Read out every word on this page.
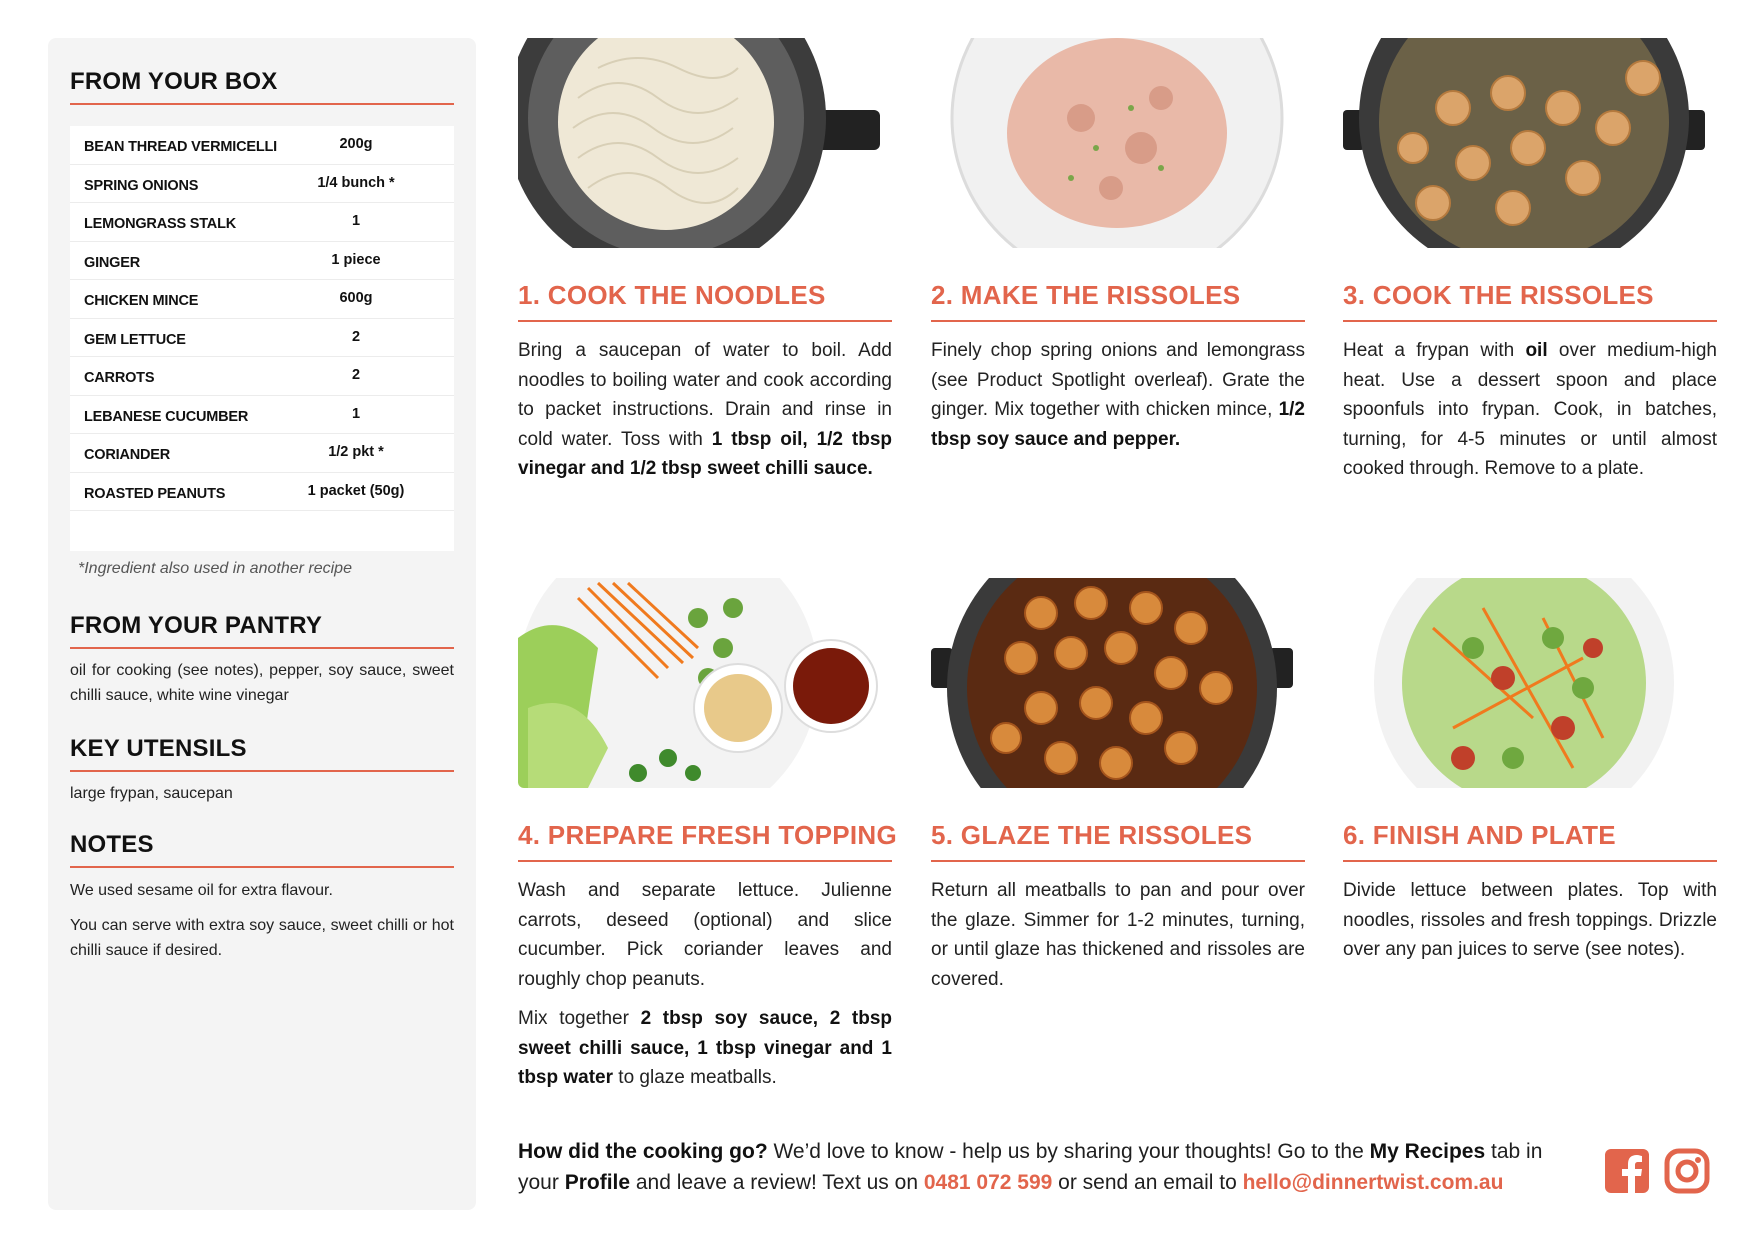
FROM YOUR BOX
BEAN THREAD VERMICELLI	200g
SPRING ONIONS	1/4 bunch *
LEMONGRASS STALK	1
GINGER	1 piece
CHICKEN MINCE	600g
GEM LETTUCE	2
CARROTS	2
LEBANESE CUCUMBER	1
CORIANDER	1/2 pkt *
ROASTED PEANUTS	1 packet (50g)
*Ingredient also used in another recipe
FROM YOUR PANTRY
oil for cooking (see notes), pepper, soy sauce, sweet chilli sauce, white wine vinegar
KEY UTENSILS
large frypan, saucepan
NOTES
We used sesame oil for extra flavour.
You can serve with extra soy sauce, sweet chilli or hot chilli sauce if desired.
1. COOK THE NOODLES

Bring a saucepan of water to boil. Add noodles to boiling water and cook according to packet instructions. Drain and rinse in cold water. Toss with 1 tbsp oil, 1/2 tbsp vinegar and 1/2 tbsp sweet chilli sauce.

2. MAKE THE RISSOLES

Finely chop spring onions and lemongrass (see Product Spotlight overleaf). Grate the ginger. Mix together with chicken mince, 1/2 tbsp soy sauce and pepper.

3. COOK THE RISSOLES

Heat a frypan with oil over medium-high heat. Use a dessert spoon and place spoonfuls into frypan. Cook, in batches, turning, for 4-5 minutes or until almost cooked through. Remove to a plate.

4. PREPARE FRESH TOPPING

Wash and separate lettuce. Julienne carrots, deseed (optional) and slice cucumber. Pick coriander leaves and roughly chop peanuts.

Mix together 2 tbsp soy sauce, 2 tbsp sweet chilli sauce, 1 tbsp vinegar and 1 tbsp water to glaze meatballs.

5. GLAZE THE RISSOLES

Return all meatballs to pan and pour over the glaze. Simmer for 1-2 minutes, turning, or until glaze has thickened and rissoles are covered.

6. FINISH AND PLATE

Divide lettuce between plates. Top with noodles, rissoles and fresh toppings. Drizzle over any pan juices to serve (see notes).

How did the cooking go? We’d love to know - help us by sharing your thoughts! Go to the My Recipes tab in your Profile and leave a review! Text us on 0481 072 599 or send an email to hello@dinnertwist.com.au
